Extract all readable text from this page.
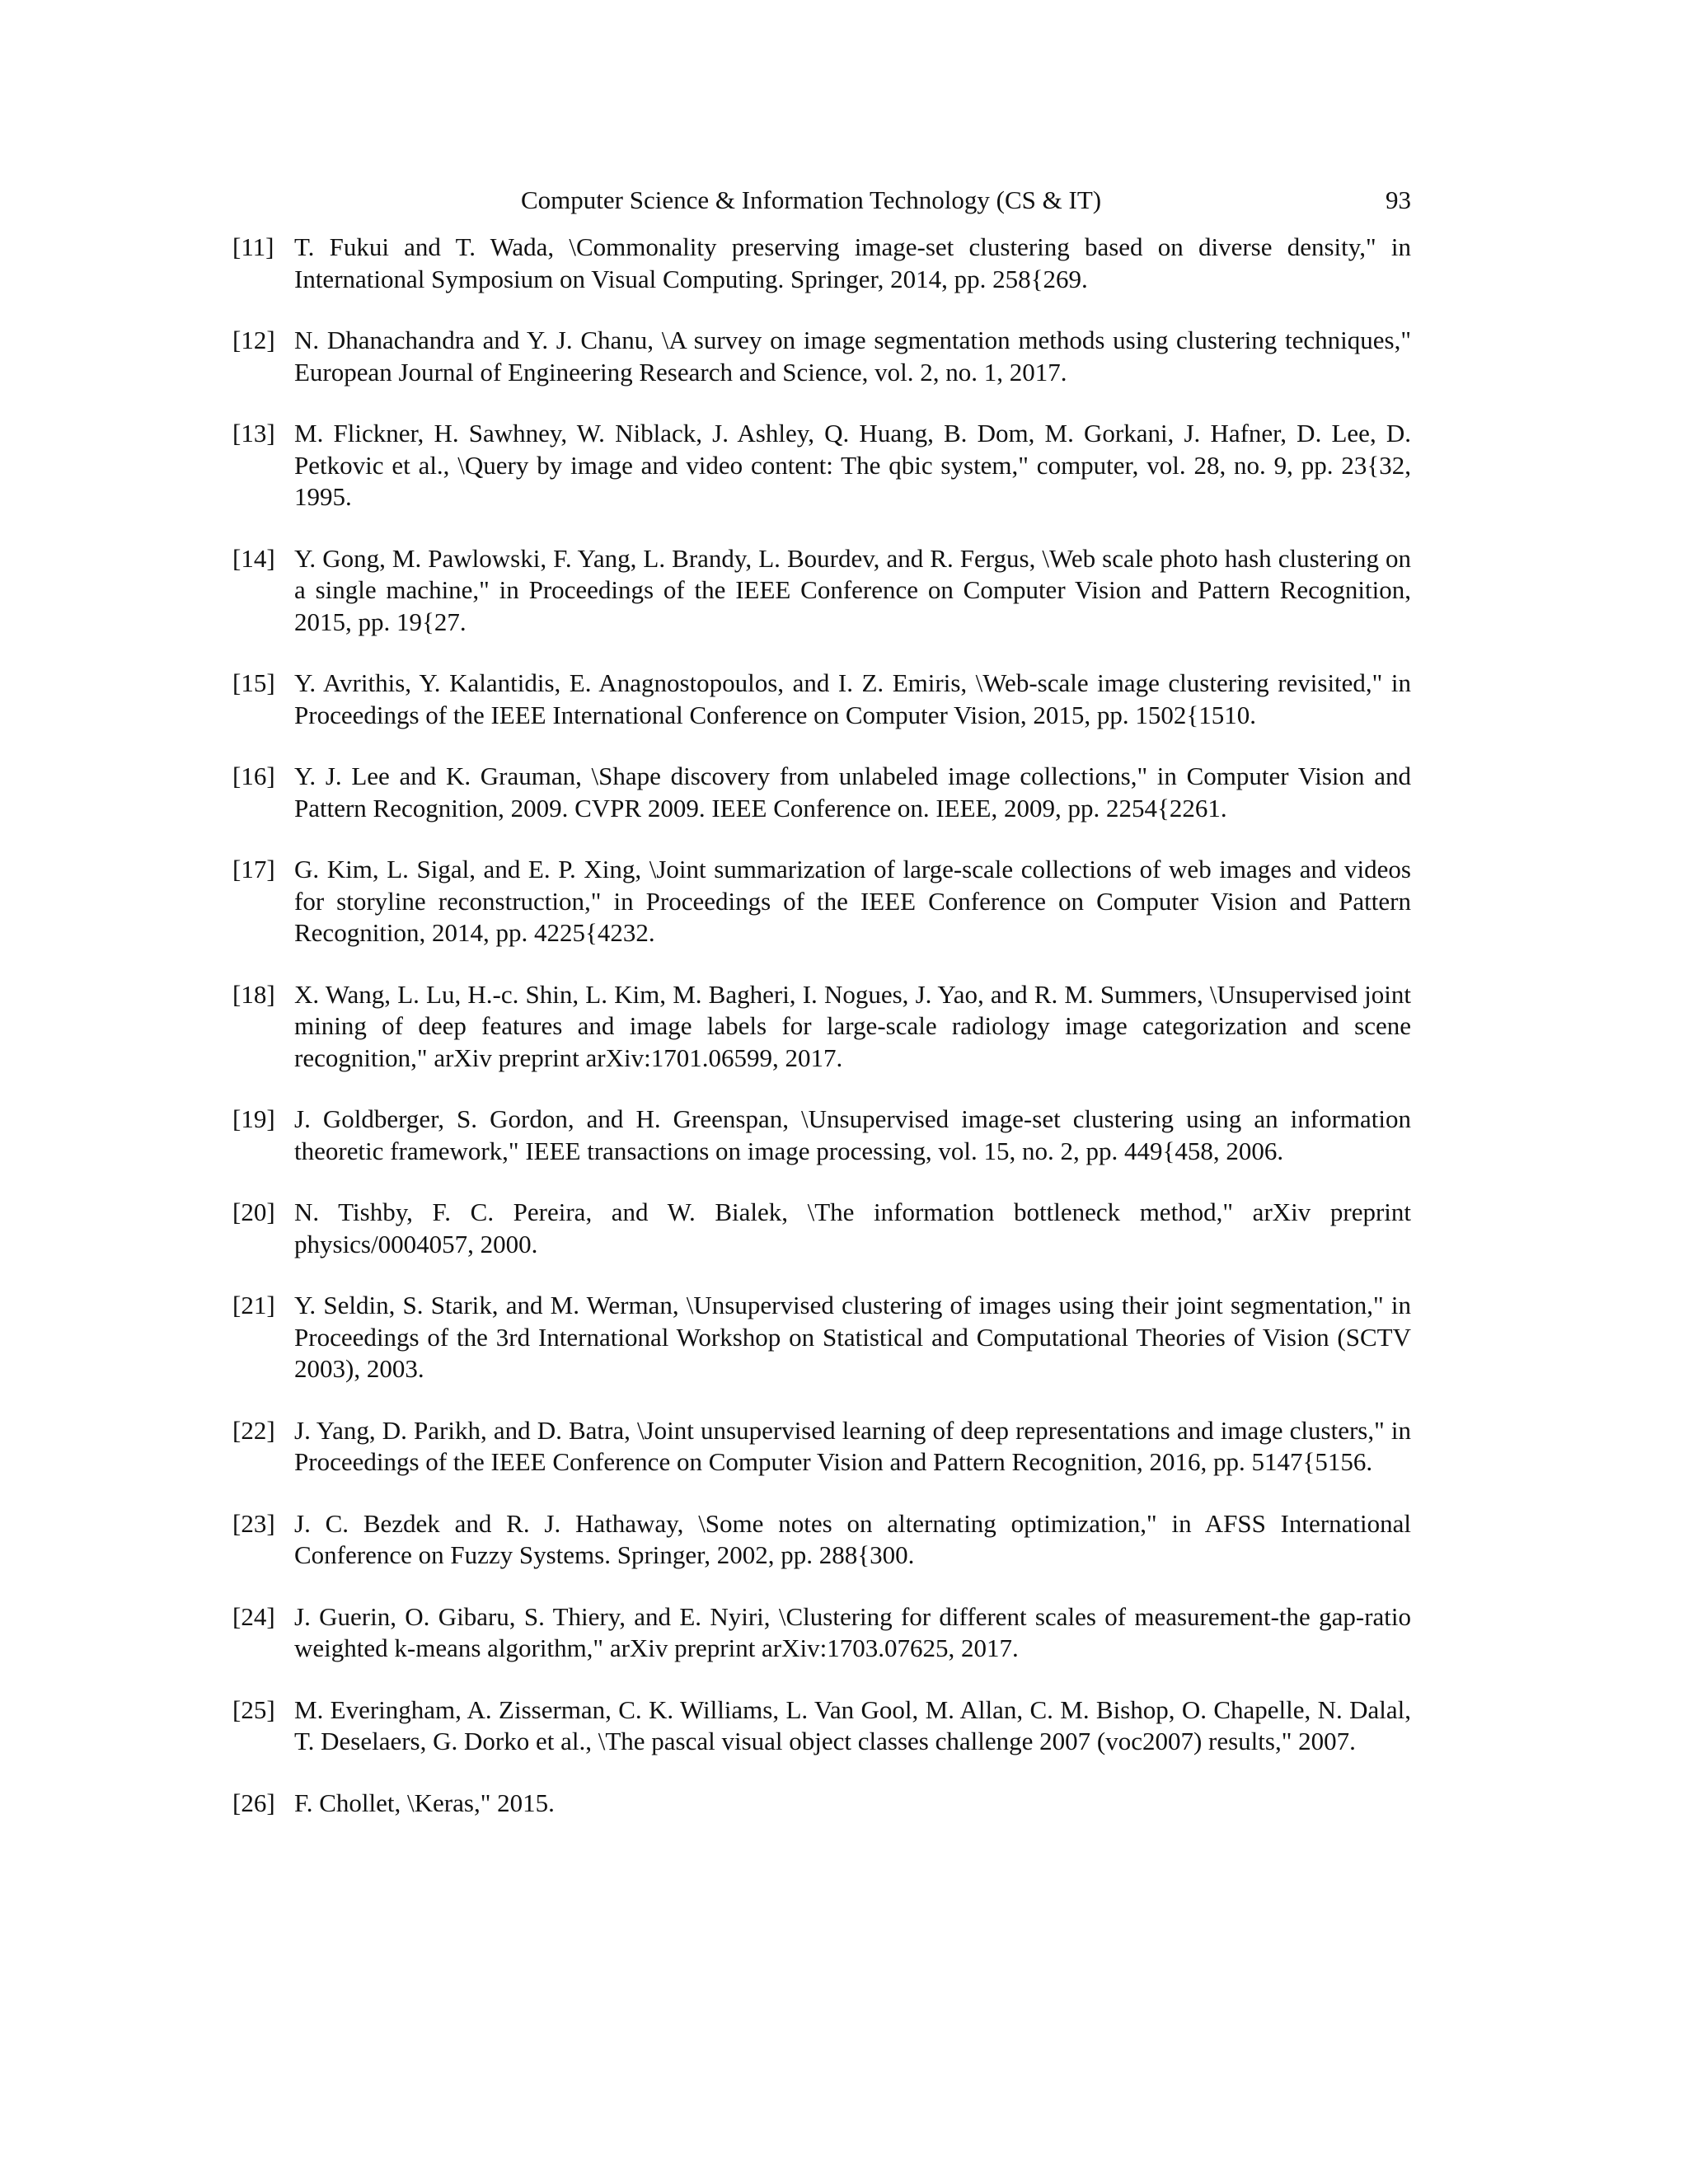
Computer Science & Information Technology (CS & IT)	93
[11] T. Fukui and T. Wada, \Commonality preserving image-set clustering based on diverse density," in International Symposium on Visual Computing. Springer, 2014, pp. 258{269.
[12] N. Dhanachandra and Y. J. Chanu, \A survey on image segmentation methods using clustering techniques," European Journal of Engineering Research and Science, vol. 2, no. 1, 2017.
[13] M. Flickner, H. Sawhney, W. Niblack, J. Ashley, Q. Huang, B. Dom, M. Gorkani, J. Hafner, D. Lee, D. Petkovic et al., \Query by image and video content: The qbic system," computer, vol. 28, no. 9, pp. 23{32, 1995.
[14] Y. Gong, M. Pawlowski, F. Yang, L. Brandy, L. Bourdev, and R. Fergus, \Web scale photo hash clustering on a single machine," in Proceedings of the IEEE Conference on Computer Vision and Pattern Recognition, 2015, pp. 19{27.
[15] Y. Avrithis, Y. Kalantidis, E. Anagnostopoulos, and I. Z. Emiris, \Web-scale image clustering revisited," in Proceedings of the IEEE International Conference on Computer Vision, 2015, pp. 1502{1510.
[16] Y. J. Lee and K. Grauman, \Shape discovery from unlabeled image collections," in Computer Vision and Pattern Recognition, 2009. CVPR 2009. IEEE Conference on. IEEE, 2009, pp. 2254{2261.
[17] G. Kim, L. Sigal, and E. P. Xing, \Joint summarization of large-scale collections of web images and videos for storyline reconstruction," in Proceedings of the IEEE Conference on Computer Vision and Pattern Recognition, 2014, pp. 4225{4232.
[18] X. Wang, L. Lu, H.-c. Shin, L. Kim, M. Bagheri, I. Nogues, J. Yao, and R. M. Summers, \Unsupervised joint mining of deep features and image labels for large-scale radiology image categorization and scene recognition," arXiv preprint arXiv:1701.06599, 2017.
[19] J. Goldberger, S. Gordon, and H. Greenspan, \Unsupervised image-set clustering using an information theoretic framework," IEEE transactions on image processing, vol. 15, no. 2, pp. 449{458, 2006.
[20] N. Tishby, F. C. Pereira, and W. Bialek, \The information bottleneck method," arXiv preprint physics/0004057, 2000.
[21] Y. Seldin, S. Starik, and M. Werman, \Unsupervised clustering of images using their joint segmentation," in Proceedings of the 3rd International Workshop on Statistical and Computational Theories of Vision (SCTV 2003), 2003.
[22] J. Yang, D. Parikh, and D. Batra, \Joint unsupervised learning of deep representations and image clusters," in Proceedings of the IEEE Conference on Computer Vision and Pattern Recognition, 2016, pp. 5147{5156.
[23] J. C. Bezdek and R. J. Hathaway, \Some notes on alternating optimization," in AFSS International Conference on Fuzzy Systems. Springer, 2002, pp. 288{300.
[24] J. Guerin, O. Gibaru, S. Thiery, and E. Nyiri, \Clustering for different scales of measurement-the gap-ratio weighted k-means algorithm," arXiv preprint arXiv:1703.07625, 2017.
[25] M. Everingham, A. Zisserman, C. K. Williams, L. Van Gool, M. Allan, C. M. Bishop, O. Chapelle, N. Dalal, T. Deselaers, G. Dorko et al., \The pascal visual object classes challenge 2007 (voc2007) results," 2007.
[26] F. Chollet, \Keras," 2015.
